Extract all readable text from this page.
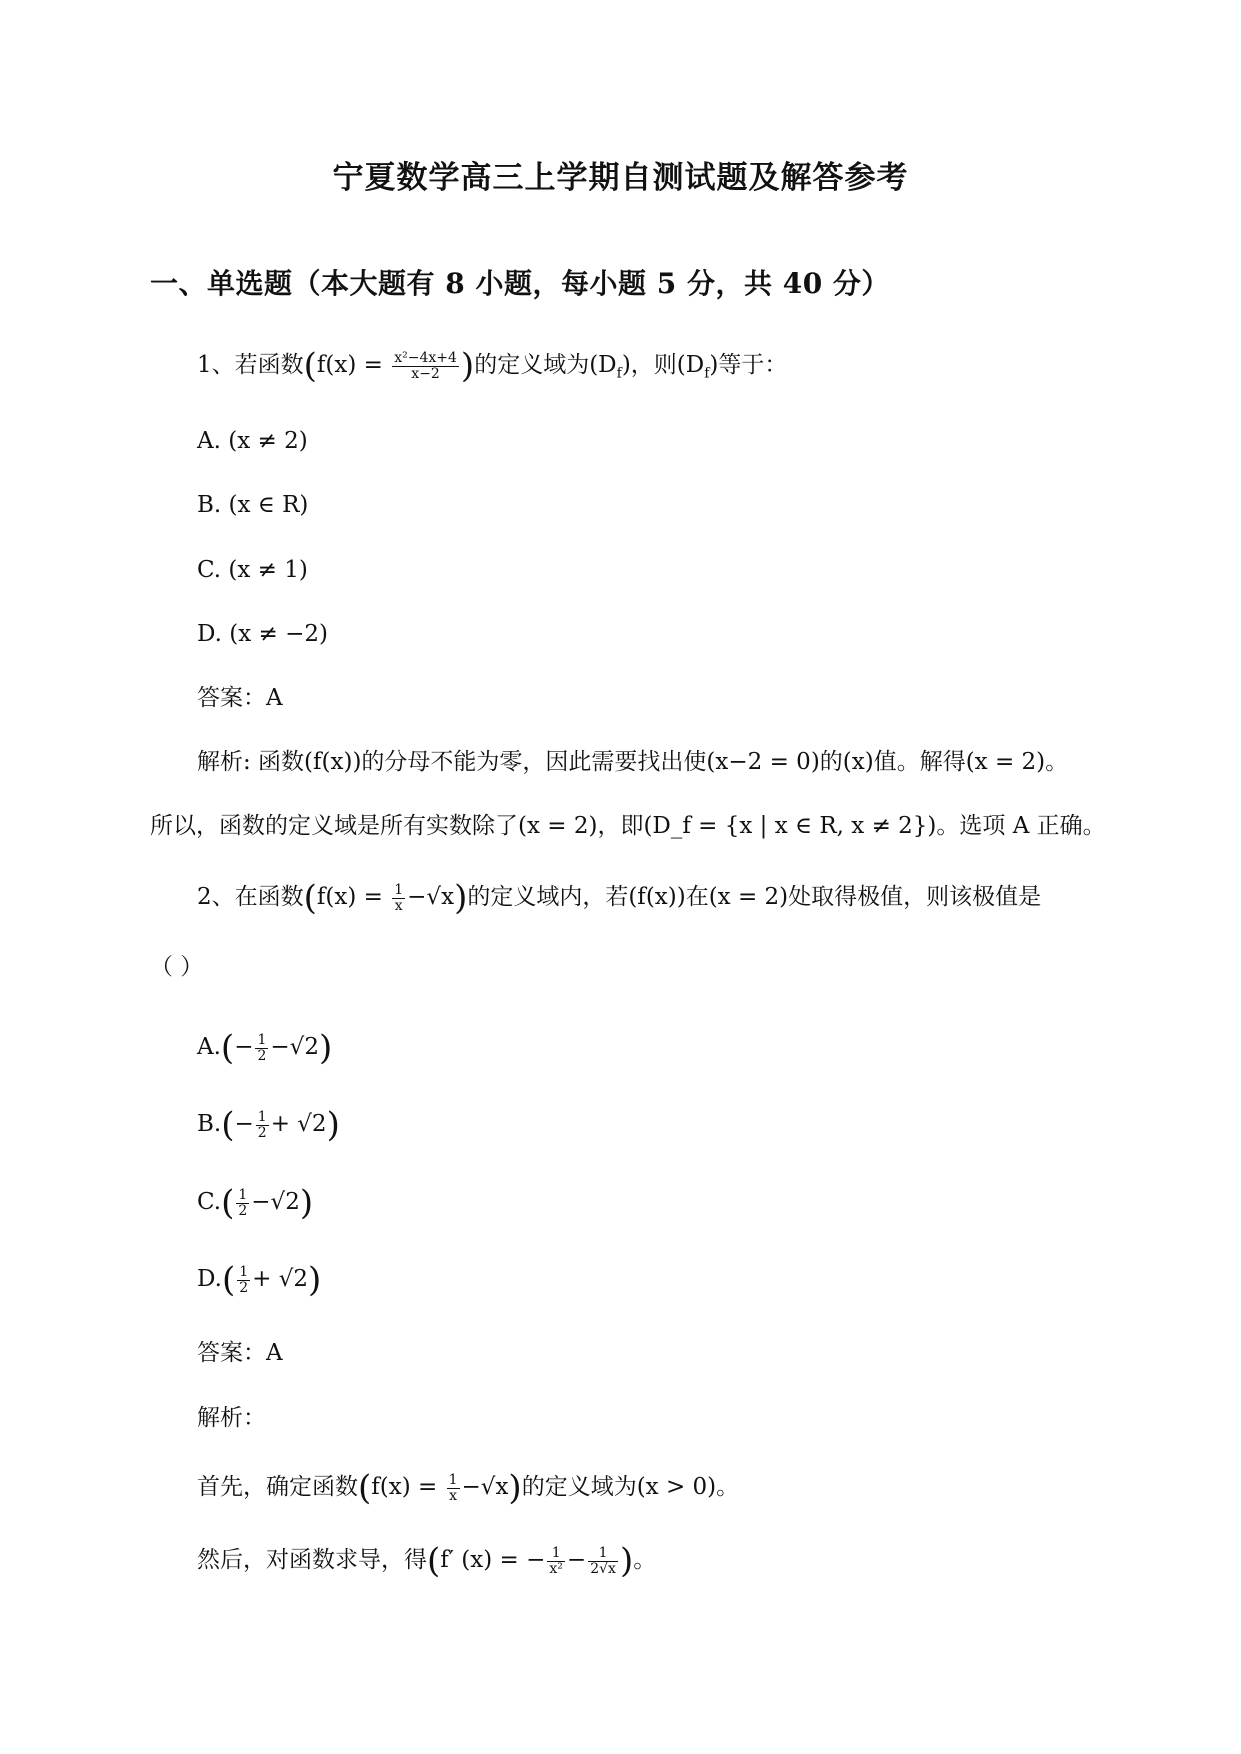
宁夏数学高三上学期自测试题及解答参考
一、单选题（本大题有 8 小题，每小题 5 分，共 40 分）
1、若函数($f(x) = \frac{\text{x²−4x+4}}{x-2}$ )的定义域为$(D_f)$，则$(D_f)$等于：
A. (x ≠ 2)
B. (x ∈ R)
C. (x ≠ 1)
D. (x ≠ −2)
答案：A
解析: 函数(f(x))的分母不能为零，因此需要找出使(x−2 = 0)的(x)值。解得(x = 2)。
所以，函数的定义域是所有实数除了(x = 2)，即(D_f = {x | x ∈ R, x ≠ 2})。选项 A 正确。
2、在函数$(f(x) = \frac{1}{x} -√x)$的定义域内，若(f(x))在(x = 2)处取得极值，则该极值是
（ ）
$A.(- \frac{1}{2} -√2)$
$B.(- \frac{1}{2} + √2)$
$C.( \frac{1}{2} -√2)$
$D.( \frac{1}{2} + √2)$
答案：A
解析：
首先，确定函数$(f(x) = \frac{1}{x} -√x)$的定义域为(x > 0)。
然后，对函数求导，得(f′ (x) = − $\frac{1}{\text{x²}} - \frac{1}{2√x}$ )。
